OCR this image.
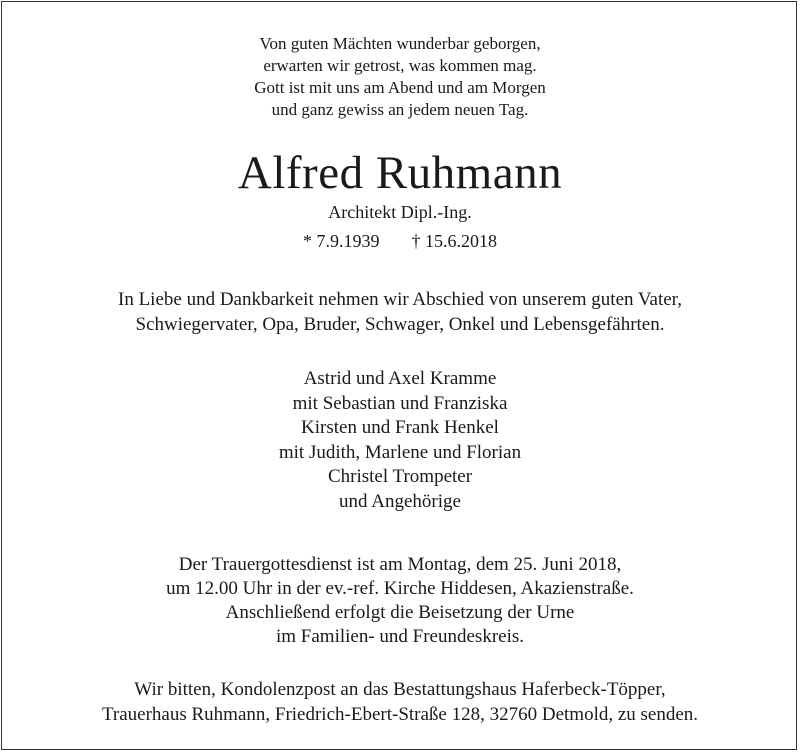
Von guten Mächten wunderbar geborgen,
erwarten wir getrost, was kommen mag.
Gott ist mit uns am Abend und am Morgen
und ganz gewiss an jedem neuen Tag.
Alfred Ruhmann
Architekt Dipl.-Ing.
* 7.9.1939 † 15.6.2018
In Liebe und Dankbarkeit nehmen wir Abschied von unserem guten Vater,
Schwiegervater, Opa, Bruder, Schwager, Onkel und Lebensgefährten.
Astrid und Axel Kramme
mit Sebastian und Franziska
Kirsten und Frank Henkel
mit Judith, Marlene und Florian
Christel Trompeter
und Angehörige
Der Trauergottesdienst ist am Montag, dem 25. Juni 2018,
um 12.00 Uhr in der ev.-ref. Kirche Hiddesen, Akazienstraße.
Anschließend erfolgt die Beisetzung der Urne
im Familien- und Freundeskreis.
Wir bitten, Kondolenzpost an das Bestattungshaus Haferbeck-Töpper,
Trauerhaus Ruhmann, Friedrich-Ebert-Straße 128, 32760 Detmold, zu senden.
